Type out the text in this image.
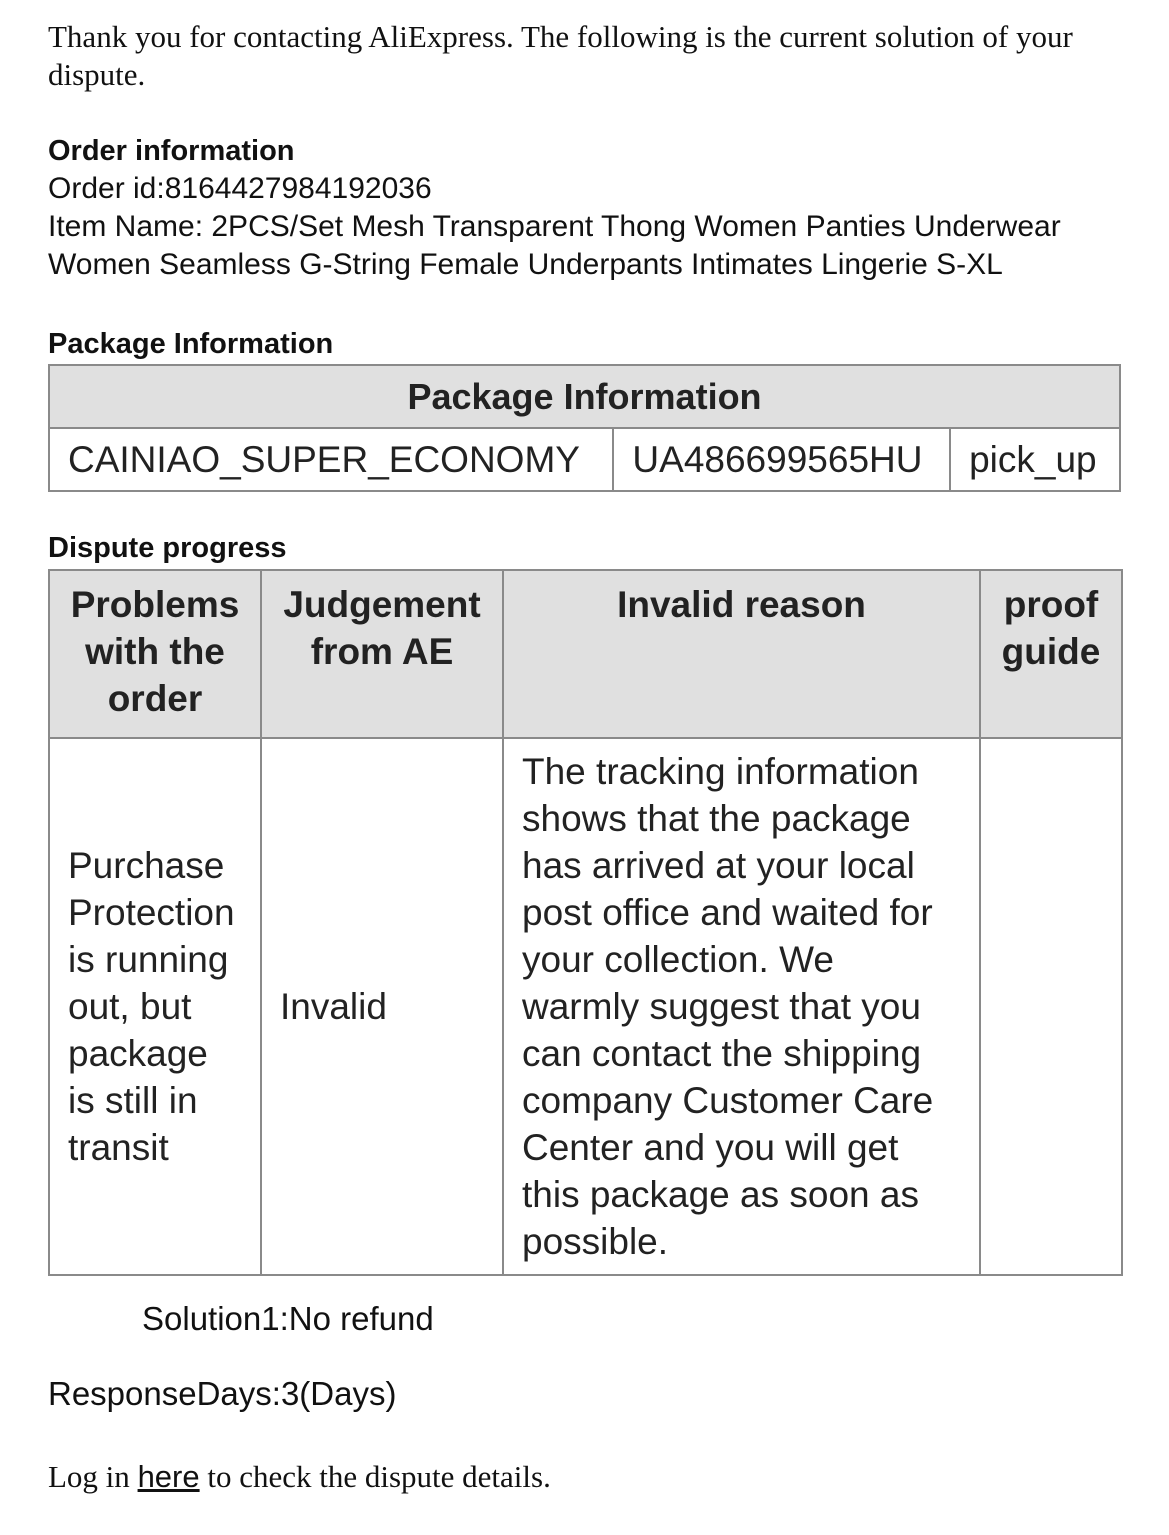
Thank you for contacting AliExpress. The following is the current solution of your dispute.
Order information
Order id:8164427984192036
Item Name: 2PCS/Set Mesh Transparent Thong Women Panties Underwear Women Seamless G-String Female Underpants Intimates Lingerie S-XL
Package Information
Package Information
CAINIAO_SUPER_ECONOMY	UA486699565HU	pick_up
Dispute progress
Problems with the order	Judgement from AE	Invalid reason	proof guide
Purchase Protection is running out, but package is still in transit	Invalid	The tracking information shows that the package has arrived at your local post office and waited for your collection. We warmly suggest that you can contact the shipping company Customer Care Center and you will get this package as soon as possible.	
Solution1:No refund
ResponseDays:3(Days)
Log in here to check the dispute details.
